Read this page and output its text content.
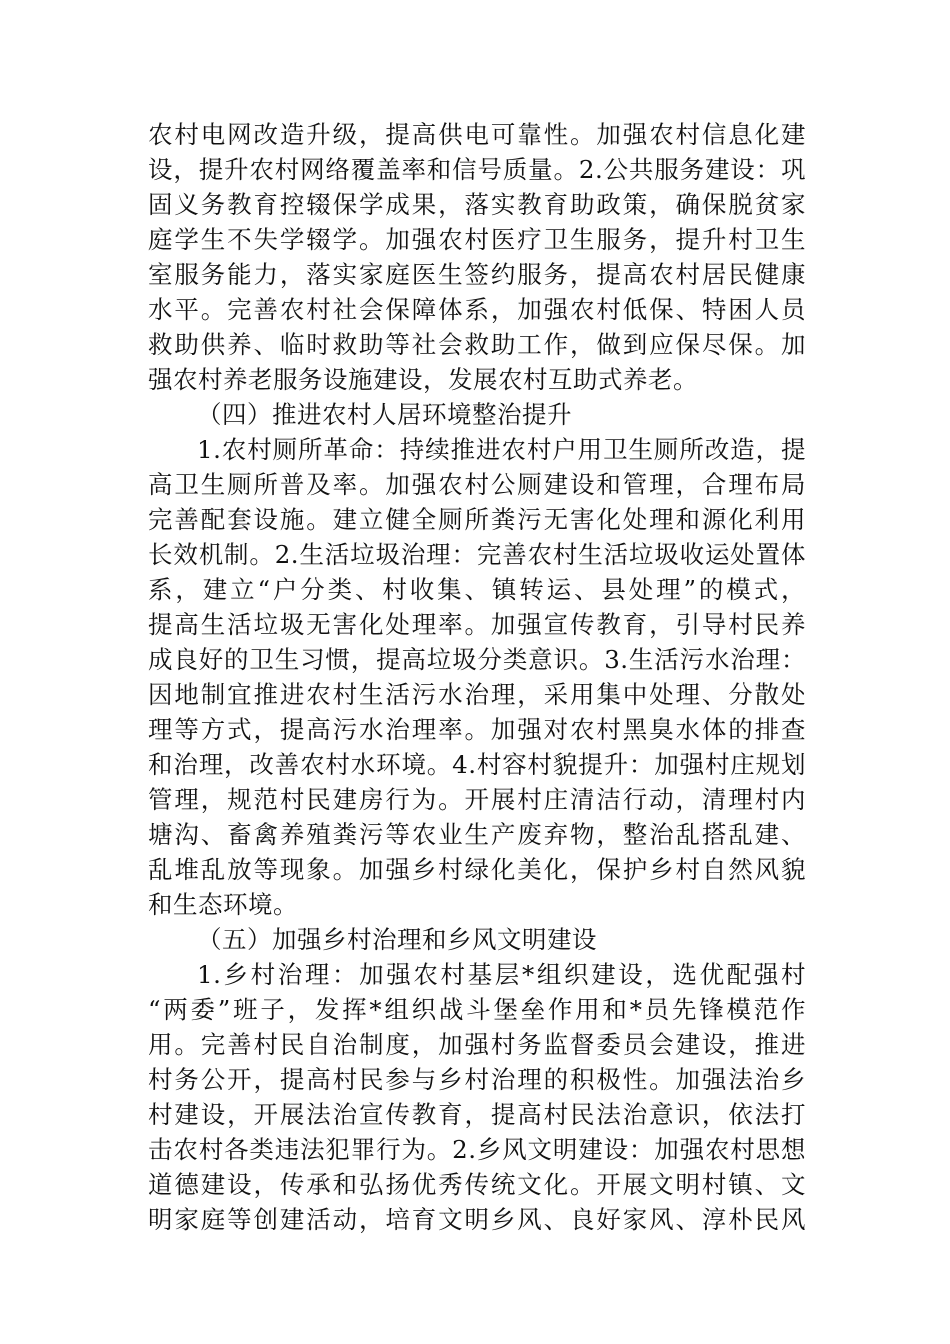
农村电网改造升级，提高供电可靠性。加强农村信息化建
设，提升农村网络覆盖率和信号质量。2.公共服务建设：巩
固义务教育控辍保学成果，落实教育助政策，确保脱贫家
庭学生不失学辍学。加强农村医疗卫生服务，提升村卫生
室服务能力，落实家庭医生签约服务，提高农村居民健康
水平。完善农村社会保障体系，加强农村低保、特困人员
救助供养、临时救助等社会救助工作，做到应保尽保。加
强农村养老服务设施建设，发展农村互助式养老。
（四）推进农村人居环境整治提升
1.农村厕所革命：持续推进农村户用卫生厕所改造，提
高卫生厕所普及率。加强农村公厕建设和管理，合理布局
完善配套设施。建立健全厕所粪污无害化处理和源化利用
长效机制。2.生活垃圾治理：完善农村生活垃圾收运处置体
系，建立“户分类、村收集、镇转运、县处理”的模式，
提高生活垃圾无害化处理率。加强宣传教育，引导村民养
成良好的卫生习惯，提高垃圾分类意识。3.生活污水治理：
因地制宜推进农村生活污水治理，采用集中处理、分散处
理等方式，提高污水治理率。加强对农村黑臭水体的排查
和治理，改善农村水环境。4.村容村貌提升：加强村庄规划
管理，规范村民建房行为。开展村庄清洁行动，清理村内
塘沟、畜禽养殖粪污等农业生产废弃物，整治乱搭乱建、
乱堆乱放等现象。加强乡村绿化美化，保护乡村自然风貌
和生态环境。
（五）加强乡村治理和乡风文明建设
1.乡村治理：加强农村基层*组织建设，选优配强村
“两委”班子，发挥*组织战斗堡垒作用和*员先锋模范作
用。完善村民自治制度，加强村务监督委员会建设，推进
村务公开，提高村民参与乡村治理的积极性。加强法治乡
村建设，开展法治宣传教育，提高村民法治意识，依法打
击农村各类违法犯罪行为。2.乡风文明建设：加强农村思想
道德建设，传承和弘扬优秀传统文化。开展文明村镇、文
明家庭等创建活动，培育文明乡风、良好家风、淳朴民风
